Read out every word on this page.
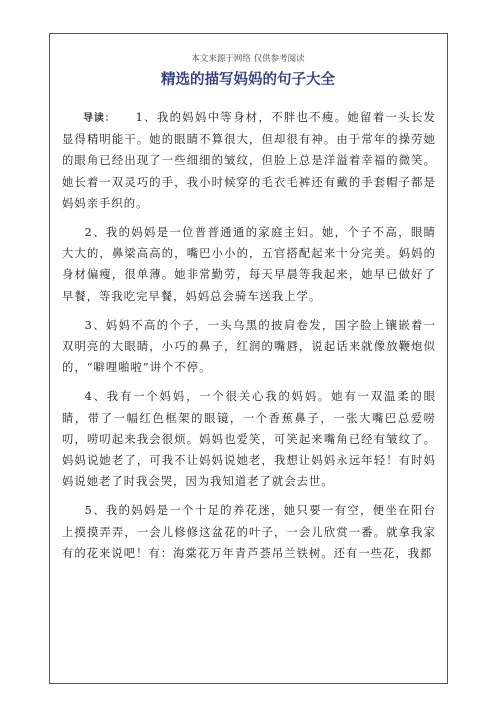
本文来源于网络 仅供参考阅读
精选的描写妈妈的句子大全

导读： 1、我的妈妈中等身材，不胖也不瘦。她留着一头长发显得精明能干。她的眼睛不算很大，但却很有神。由于常年的操劳她的眼角已经出现了一些细细的皱纹，但脸上总是洋溢着幸福的微笑。她长着一双灵巧的手，我小时候穿的毛衣毛裤还有戴的手套帽子都是妈妈亲手织的。

2、我的妈妈是一位普普通通的家庭主妇。她，个子不高，眼睛大大的，鼻梁高高的，嘴巴小小的，五官搭配起来十分完美。妈妈的身材偏瘦，很单薄。她非常勤劳，每天早晨等我起来，她早已做好了早餐，等我吃完早餐，妈妈总会骑车送我上学。

3、妈妈不高的个子，一头乌黑的披肩卷发，国字脸上镶嵌着一双明亮的大眼睛，小巧的鼻子，红润的嘴唇，说起话来就像放鞭炮似的，“噼哩啪啦”讲个不停。

4、我有一个妈妈，一个很关心我的妈妈。她有一双温柔的眼睛，带了一幅红色框架的眼镜，一个香蕉鼻子，一张大嘴巴总爱唠叨，唠叨起来我会很烦。妈妈也爱笑，可笑起来嘴角已经有皱纹了。妈妈说她老了，可我不让妈妈说她老，我想让妈妈永远年轻！有时妈妈说她老了时我会哭，因为我知道老了就会去世。

5、我的妈妈是一个十足的养花迷，她只要一有空，便坐在阳台上摸摸弄弄，一会儿修修这盆花的叶子，一会儿欣赏一番。就拿我家有的花来说吧！有：海棠花万年青芦荟吊兰铁树。还有一些花，我都
